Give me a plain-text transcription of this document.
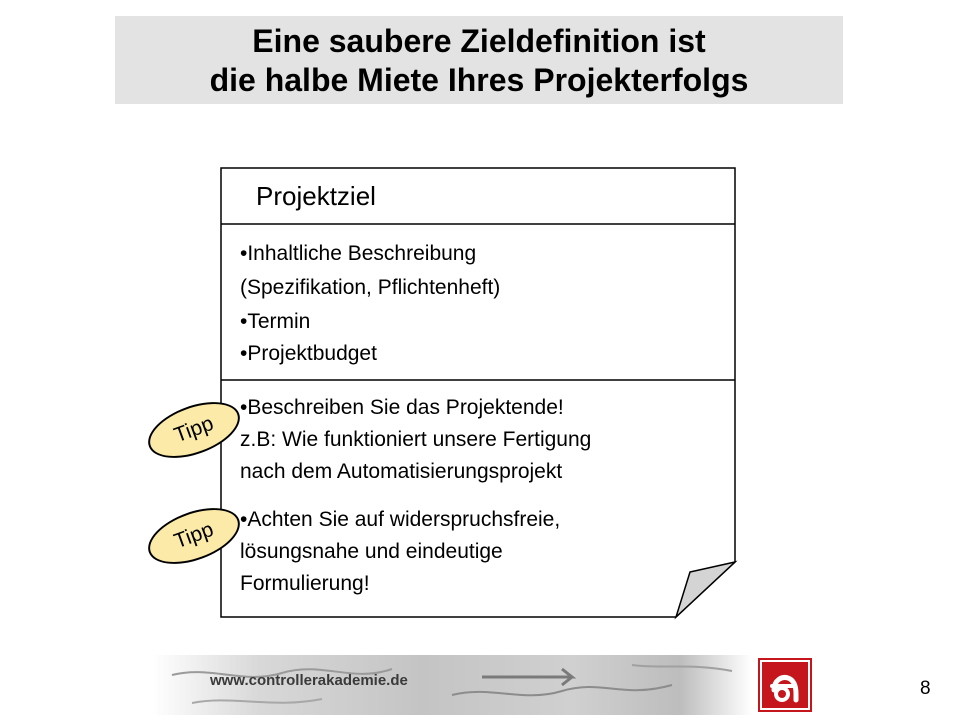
Eine saubere Zieldefinition ist
die halbe Miete Ihres Projekterfolgs
Projektziel
•Inhaltliche Beschreibung
(Spezifikation, Pflichtenheft)
•Termin
•Projektbudget
•Beschreiben Sie das Projektende!
z.B: Wie funktioniert unsere Fertigung
nach dem Automatisierungsprojekt
•Achten Sie auf widerspruchsfreie,
lösungsnahe und eindeutige
Formulierung!
Tipp
Tipp
www.controllerakademie.de	8
